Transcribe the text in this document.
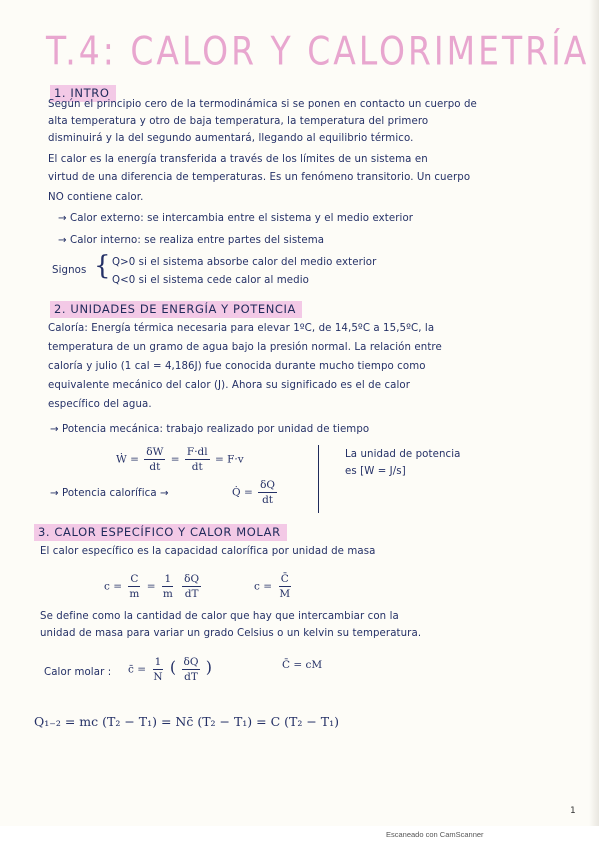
T.4: CALOR Y CALORIMETRÍA
1. INTRO
Según el principio cero de la termodinámica si se ponen en contacto un cuerpo de
alta temperatura y otro de baja temperatura, la temperatura del primero
disminuirá y la del segundo aumentará, llegando al equilibrio térmico.
El calor es la energía transferida a través de los límites de un sistema en
virtud de una diferencia de temperaturas. Es un fenómeno transitorio. Un cuerpo
NO contiene calor.
→ Calor externo: se intercambia entre el sistema y el medio exterior
→ Calor interno: se realiza entre partes del sistema
Signos { Q>0 si el sistema absorbe calor del medio exterior
Q<0 si el sistema cede calor al medio
2. UNIDADES DE ENERGÍA Y POTENCIA
Caloría: Energía térmica necesaria para elevar 1ºC, de 14,5ºC a 15,5ºC, la
temperatura de un gramo de agua bajo la presión normal. La relación entre
caloría y julio (1 cal = 4,186J) fue conocida durante mucho tiempo como
equivalente mecánico del calor (J). Ahora su significado es el de calor
específico del agua.
→ Potencia mecánica: trabajo realizado por unidad de tiempo
Ẇ = $\frac{\delta W}{dt} = \frac{F\cdot dl}{dt} = F\cdot v$	La unidad de potencia
es [W = J/s]
→ Potencia calorífica →	Q̇ = $\frac{\delta Q}{dt}$
3. CALOR ESPECÍFICO Y CALOR MOLAR
El calor específico es la capacidad calorífica por unidad de masa
$c = \frac{C}{m} = \frac{1}{m}$
$\frac{\delta Q}{dT}$	$c = \frac{C̄}{M}$
Se define como la cantidad de calor que hay que intercambiar con la
unidad de masa para variar un grado Celsius o un kelvin su temperatura.
Calor molar : c̄ = $\frac{1}{N}$ ( $\frac{\delta Q}{dT}$ )	C̄ = cM
Q₁₋₂ = mc (T₂ − T₁) = Nc̄ (T₂ − T₁) = C (T₂ − T₁)
1
Escaneado con CamScanner
